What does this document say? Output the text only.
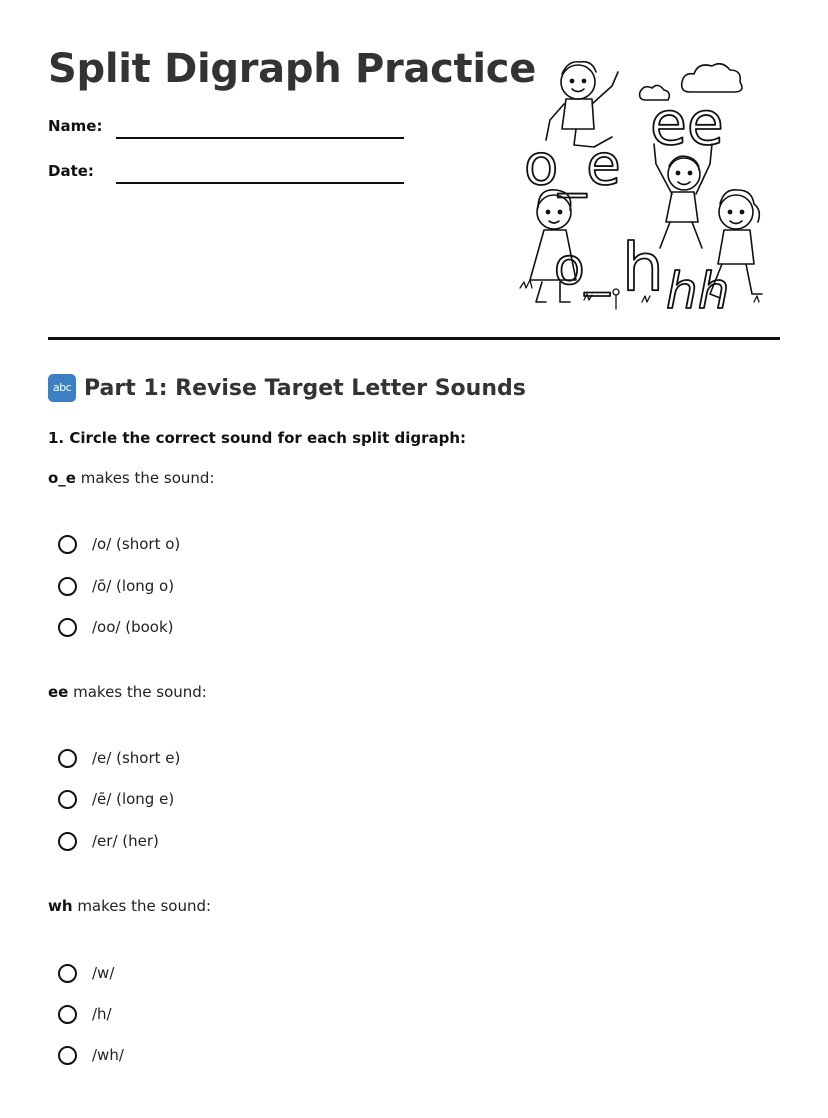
Split Digraph Practice
Name:
Date:	o_e
ee
o_ h hh
abc Part 1: Revise Target Letter Sounds
1. Circle the correct sound for each split digraph:
o_e makes the sound:
/o/ (short o)
/ō/ (long o)
/oo/ (book)
ee makes the sound:
/e/ (short e)
/ē/ (long e)
/er/ (her)
wh makes the sound:
/w/
/h/
/wh/
